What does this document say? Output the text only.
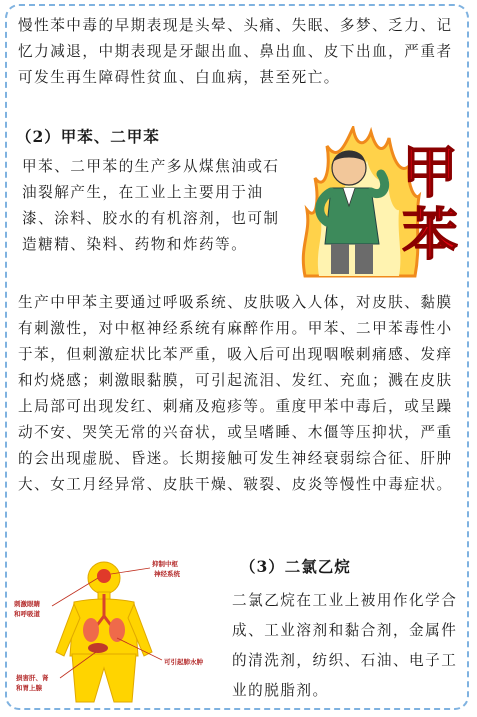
慢性苯中毒的早期表现是头晕、头痛、失眠、多梦、乏力、记忆力减退，中期表现是牙龈出血、鼻出血、皮下出血，严重者可发生再生障碍性贫血、白血病，甚至死亡。

（2）甲苯、二甲苯

甲苯、二甲苯的生产多从煤焦油或石油裂解产生，在工业上主要用于油漆、涂料、胶水的有机溶剂，也可制造糖精、染料、药物和炸药等。

甲
苯

生产中甲苯主要通过呼吸系统、皮肤吸入人体，对皮肤、黏膜有刺激性，对中枢神经系统有麻醉作用。甲苯、二甲苯毒性小于苯，但刺激症状比苯严重，吸入后可出现咽喉刺痛感、发痒和灼烧感；刺激眼黏膜，可引起流泪、发红、充血；溅在皮肤上局部可出现发红、刺痛及疱疹等。重度甲苯中毒后，或呈躁动不安、哭笑无常的兴奋状，或呈嗜睡、木僵等压抑状，严重的会出现虚脱、昏迷。长期接触可发生神经衰弱综合征、肝肿大、女工月经异常、皮肤干燥、皲裂、皮炎等慢性中毒症状。

（3）二氯乙烷
抑制中枢
神经系统
刺激眼睛
和呼吸道
可引起肺水肿
损害肝、肾
和胃上腺

二氯乙烷在工业上被用作化学合成、工业溶剂和黏合剂，金属件的清洗剂，纺织、石油、电子工业的脱脂剂。
